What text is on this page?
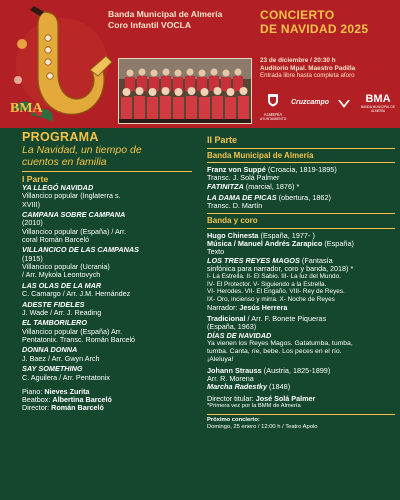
BMA
Banda Municipal de Almería
Coro Infantil VOCLA
CONCIERTO
DE NAVIDAD 2025
23 de diciembre / 20:30 h
Auditorio Mpal. Maestro Padilla
Entrada libre hasta completa aforo
ALMERÍA
AYUNTAMIENTO
Cruzcampo	BMA
BANDA MUNICIPAL DE ALMERÍA
PROGRAMA
La Navidad, un tiempo de
cuentos en familia
I Parte
YA LLEGÓ NAVIDAD
Villancico popular (Inglaterra s.
XVIII)
CAMPANA SOBRE CAMPANA
(2010)
Villancico popular (España) / Arr.
coral Román Barceló
VILLANCICO DE LAS CAMPANAS
(1915)
Villancico popular (Ucrania)
/ Arr. Mykola Leontovych
LAS OLAS DE LA MAR
C. Camargo / Arr. J.M. Hernández
ADESTE FIDELES
J. Wade / Arr. J. Reading
EL TAMBORILERO
Villancico popular (España) Arr.
Pentatonix. Transc. Román Barceló
DONNA DONNA
J. Baez / Arr. Gwyn Arch
SAY SOMETHING
C. Aguilera / Arr. Pentatonix
Piano: Nieves Zurita
Beatbox: Albertina Barceló
Director: Román Barceló
II Parte
Banda Municipal de Almería
Franz von Suppé (Croacia, 1819-1895)
Transc. J. Solá Palmer
FATINITZA (marcial, 1876) *
LA DAMA DE PICAS (obertura, 1862)
Transc. D. Martín
Banda y coro
Hugo Chinesta (España, 1977- )
Música / Manuel Andrés Zarapico (España)
Texto
LOS TRES REYES MAGOS (Fantasía
sinfónica para narrador, coro y banda, 2018) *
I- La Estrella. II- El Sabio. III- La luz del Mundo.
IV- El Protector. V- Siguiendo a la Estrella.
VI- Herodes. VII- El Engaño. VIII- Rey de Reyes.
IX- Oro, incienso y mirra. X- Noche de Reyes
Narrador: Jesús Herrera
Tradicional / Arr. F. Bonete Piqueras
(España, 1963)
DÍAS DE NAVIDAD
Ya vienen los Reyes Magos. Gatatumba, tumba,
tumba. Canta, ríe, bebe. Los peces en el río.
¡Aleluya!
Johann Strauss (Austria, 1825-1899)
Arr. R. Morena
Marcha Radestky (1848)
Director titular: José Solá Palmer
*Primera vez por la BMM de Almería
Próximo concierto:
Domingo, 25 enero / 12:00 h / Teatro Apolo
